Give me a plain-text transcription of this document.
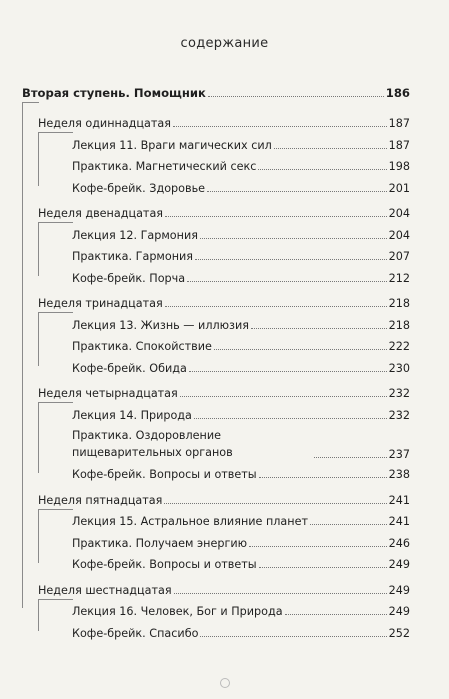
содержание
Вторая ступень. Помощник	186
Неделя одиннадцатая	187
Лекция 11. Враги магических сил	187
Практика. Магнетический секс	198
Кофе-брейк. Здоровье	201
Неделя двенадцатая	204
Лекция 12. Гармония	204
Практика. Гармония	207
Кофе-брейк. Порча	212
Неделя тринадцатая	218
Лекция 13. Жизнь — иллюзия	218
Практика. Спокойствие	222
Кофе-брейк. Обида	230
Неделя четырнадцатая	232
Лекция 14. Природа	232
Практика. Оздоровление пищеварительных органов	237
Кофе-брейк. Вопросы и ответы	238
Неделя пятнадцатая	241
Лекция 15. Астральное влияние планет	241
Практика. Получаем энергию	246
Кофе-брейк. Вопросы и ответы	249
Неделя шестнадцатая	249
Лекция 16. Человек, Бог и Природа	249
Кофе-брейк. Спасибо	252
